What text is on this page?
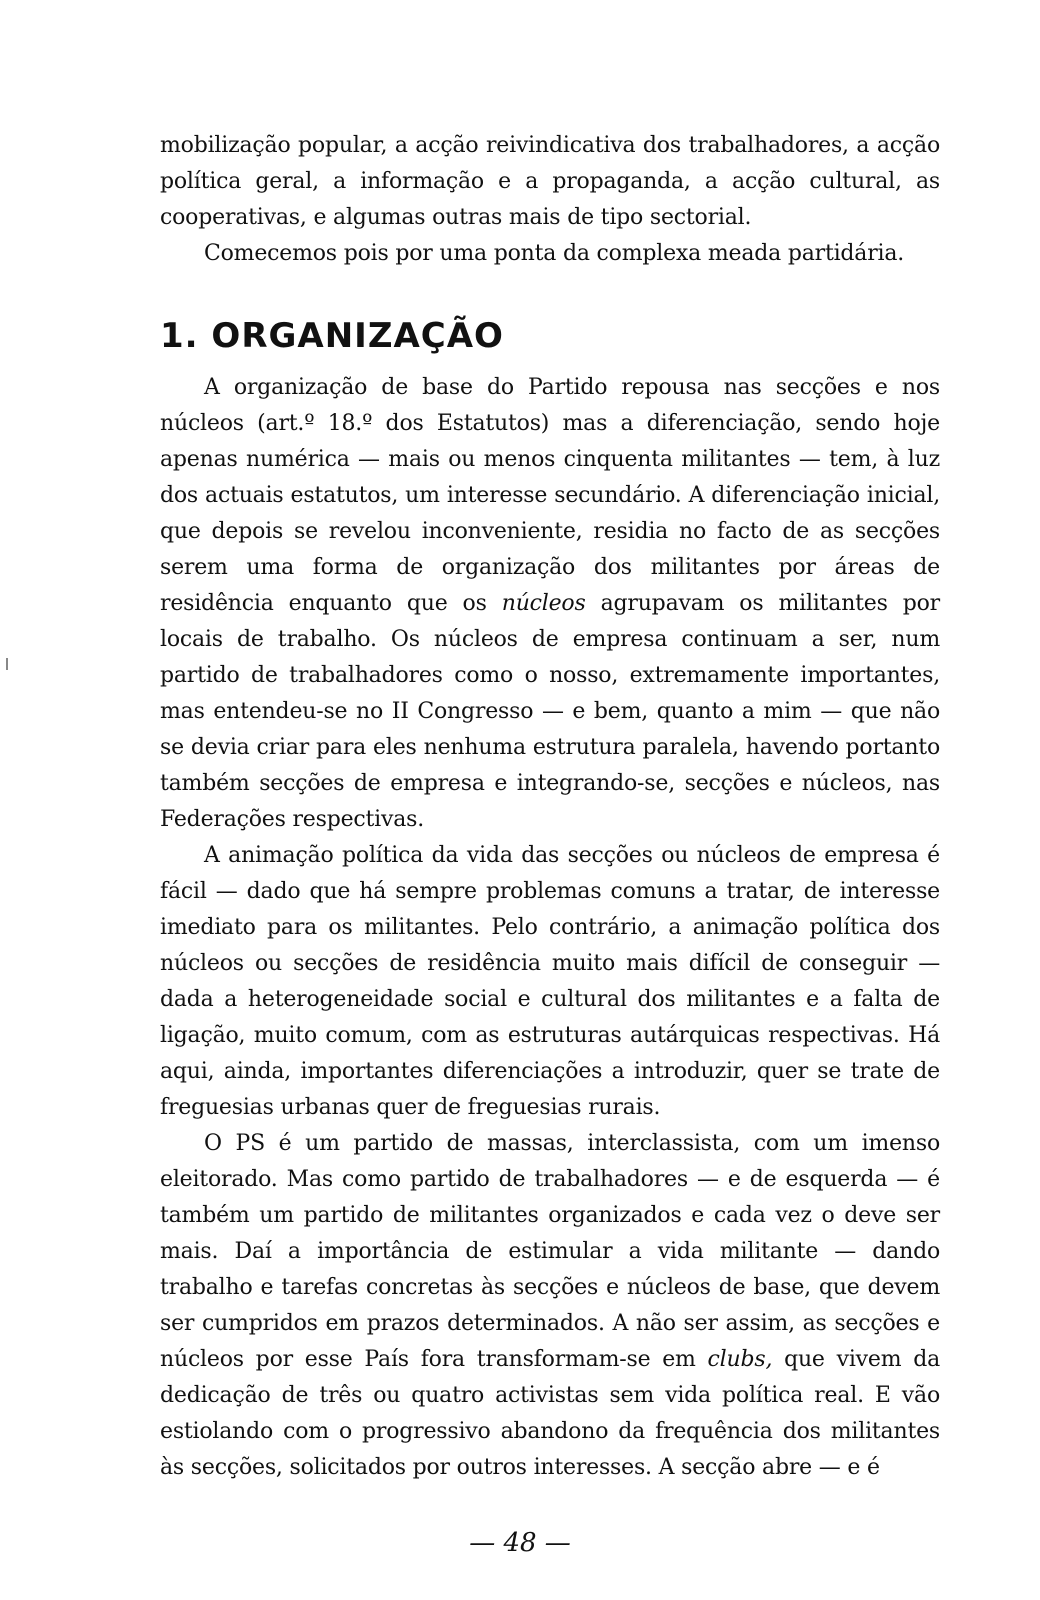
mobilização popular, a acção reivindicativa dos trabalhadores, a acção política geral, a informação e a propaganda, a acção cultural, as cooperativas, e algumas outras mais de tipo sectorial.

Comecemos pois por uma ponta da complexa meada partidária.

1. ORGANIZAÇÃO

A organização de base do Partido repousa nas secções e nos núcleos (art.º 18.º dos Estatutos) mas a diferenciação, sendo hoje apenas numérica — mais ou menos cinquenta militantes — tem, à luz dos actuais estatutos, um interesse secundário. A diferenciação inicial, que depois se revelou inconveniente, residia no facto de as secções serem uma forma de organização dos militantes por áreas de residência enquanto que os núcleos agrupavam os militantes por locais de trabalho. Os núcleos de empresa continuam a ser, num partido de trabalhadores como o nosso, extremamente importantes, mas entendeu-se no II Congresso — e bem, quanto a mim — que não se devia criar para eles nenhuma estrutura paralela, havendo portanto também secções de empresa e integrando-se, secções e núcleos, nas Federações respectivas.

A animação política da vida das secções ou núcleos de empresa é fácil — dado que há sempre problemas comuns a tratar, de interesse imediato para os militantes. Pelo contrário, a animação política dos núcleos ou secções de residência muito mais difícil de conseguir — dada a heterogeneidade social e cultural dos militantes e a falta de ligação, muito comum, com as estruturas autárquicas respectivas. Há aqui, ainda, importantes diferenciações a introduzir, quer se trate de freguesias urbanas quer de freguesias rurais.

O PS é um partido de massas, interclassista, com um imenso eleitorado. Mas como partido de trabalhadores — e de esquerda — é também um partido de militantes organizados e cada vez o deve ser mais. Daí a importância de estimular a vida militante — dando trabalho e tarefas concretas às secções e núcleos de base, que devem ser cumpridos em prazos determinados. A não ser assim, as secções e núcleos por esse País fora transformam-se em clubs, que vivem da dedicação de três ou quatro activistas sem vida política real. E vão estiolando com o progressivo abandono da frequência dos militantes às secções, solicitados por outros interesses. A secção abre — e é

— 48 —
